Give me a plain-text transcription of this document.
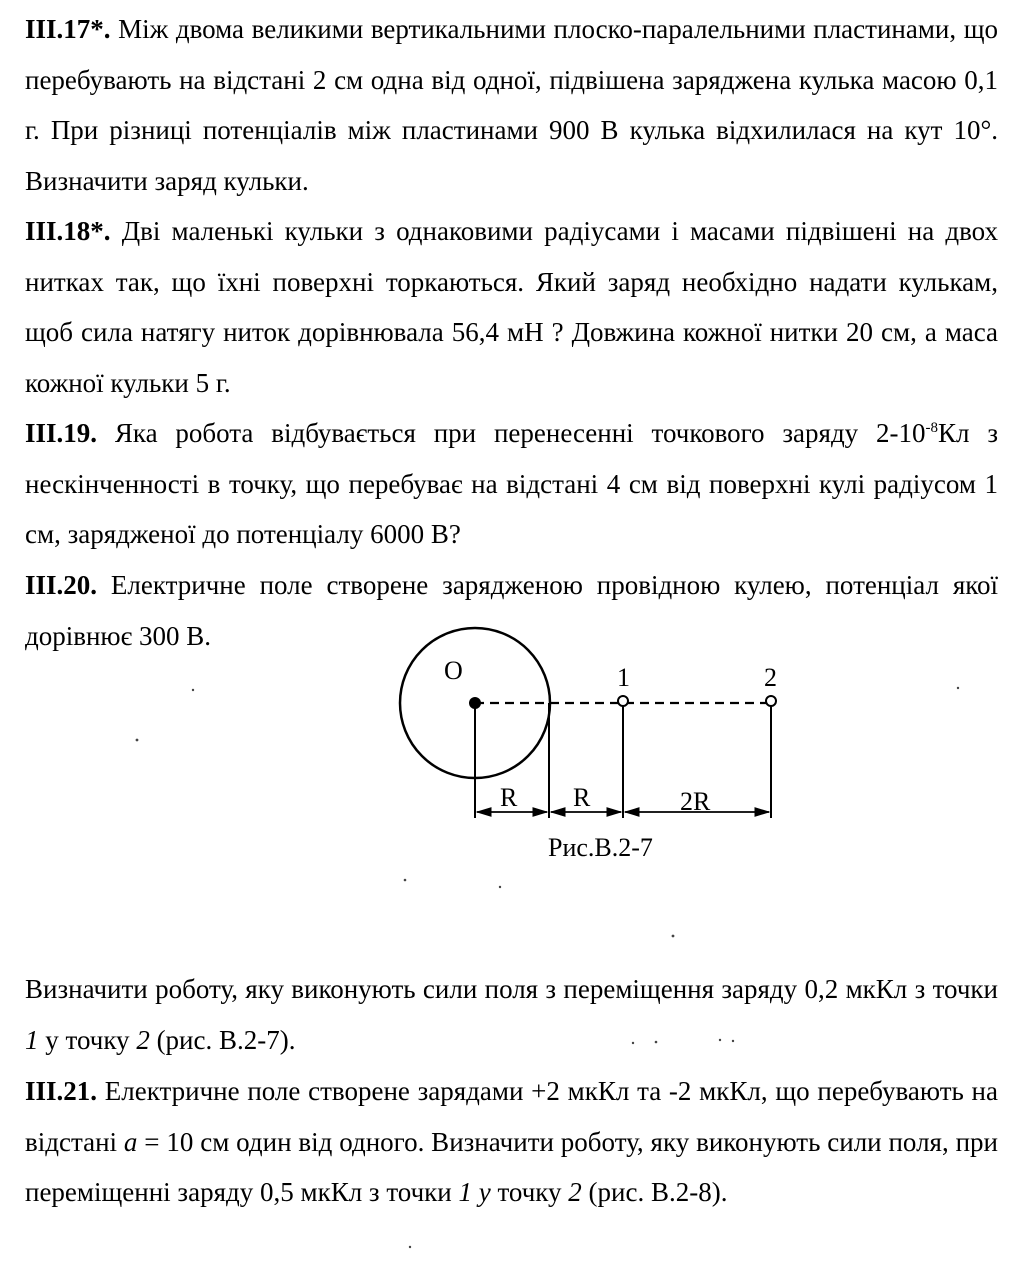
III.17*. Між двома великими вертикальними плоско-паралельними пластинами, що перебувають на відстані 2 см одна від одної, підвішена заряджена кулька масою 0,1 г. При різниці потенціалів між пластинами 900 В кулька відхилилася на кут 10°. Визначити заряд кульки.

III.18*. Дві маленькі кульки з однаковими радіусами і масами підвішені на двох нитках так, що їхні поверхні торкаються. Який заряд необхідно надати кулькам, щоб сила натягу ниток дорівнювала 56,4 мН ? Довжина кожної нитки 20 см, а маса кожної кульки 5 г.

III.19. Яка робота відбувається при перенесенні точкового заряду $2-10^{-8}Кл$ з нескінченності в точку, що перебуває на відстані 4 см від поверхні кулі радіусом 1 см, зарядженої до потенціалу 6000 В?

III.20. Електричне поле створене зарядженою провідною кулею, потенціал якої дорівнює 300 В.

Визначити роботу, яку виконують сили поля з переміщення заряду 0,2 мкКл з точки 1 у точку 2 (рис. В.2-7).

III.21. Електричне поле створене зарядами +2 мкКл та -2 мкКл, що перебувають на відстані a = 10 см один від одного. Визначити роботу, яку виконують сили поля, при переміщенні заряду 0,5 мкКл з точки 1 у точку 2 (рис. В.2-8).

O	1	2
R R	2R
Рис.В.2-7
